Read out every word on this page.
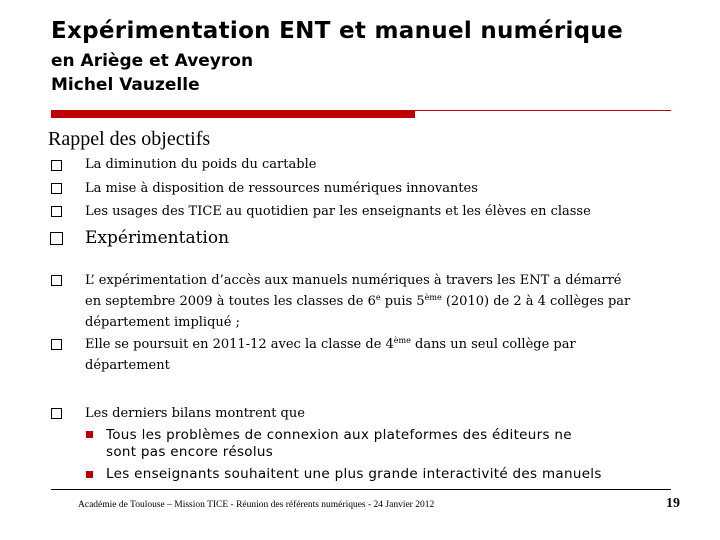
Expérimentation ENT et manuel numérique
en Ariège et Aveyron
Michel Vauzelle
Rappel des objectifs
La diminution du poids du cartable
La mise à disposition de ressources numériques innovantes
Les usages des TICE au quotidien par les enseignants et les élèves en classe
Expérimentation
L’ expérimentation d’accès aux manuels numériques à travers les ENT a démarré
en septembre 2009 à toutes les classes de 6e puis 5ème (2010) de 2 à 4 collèges par
département impliqué ;
Elle se poursuit en 2011-12 avec la classe de 4ème dans un seul collège par
département
Les derniers bilans montrent que
Tous les problèmes de connexion aux plateformes des éditeurs ne
sont pas encore résolus
Les enseignants souhaitent une plus grande interactivité des manuels
Académie de Toulouse – Mission TICE - Réunion des référents numériques - 24 Janvier 2012	19
